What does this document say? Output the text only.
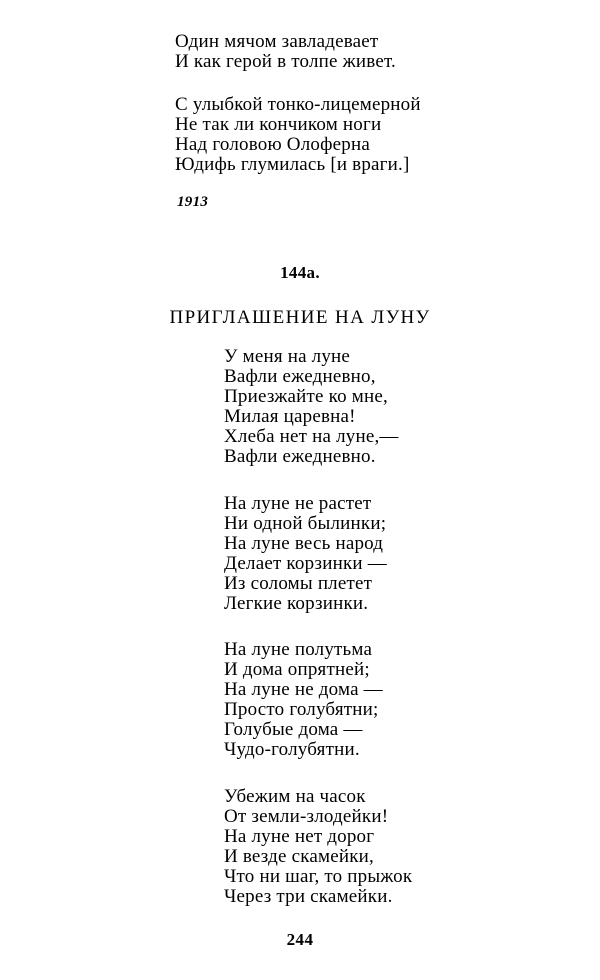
Один мячом завладевает
И как герой в толпе живет.
С улыбкой тонко-лицемерной
Не так ли кончиком ноги
Над головою Олоферна
Юдифь глумилась [и враги.]
1913
144а.
ПРИГЛАШЕНИЕ НА ЛУНУ
У меня на луне
Вафли ежедневно,
Приезжайте ко мне,
Милая царевна!
Хлеба нет на луне,—
Вафли ежедневно.
На луне не растет
Ни одной былинки;
На луне весь народ
Делает корзинки —
Из соломы плетет
Легкие корзинки.
На луне полутьма
И дома опрятней;
На луне не дома —
Просто голубятни;
Голубые дома —
Чудо-голубятни.
Убежим на часок
От земли-злодейки!
На луне нет дорог
И везде скамейки,
Что ни шаг, то прыжок
Через три скамейки.
244
